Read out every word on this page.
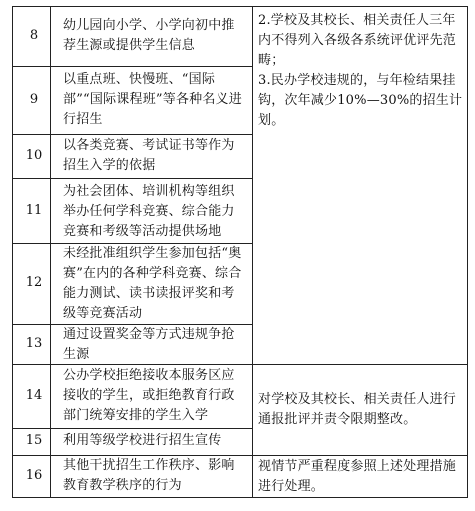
8
幼儿园向小学、小学向初中推荐生源或提供学生信息
9
以重点班、快慢班、“国际部”“国际课程班”等各种名义进行招生
10
以各类竞赛、考试证书等作为招生入学的依据
11
为社会团体、培训机构等组织举办任何学科竞赛、综合能力竞赛和考级等活动提供场地
12
未经批准组织学生参加包括“奥赛”在内的各种学科竞赛、综合能力测试、读书读报评奖和考级等竞赛活动
13
通过设置奖金等方式违规争抢生源
14
公办学校拒绝接收本服务区应接收的学生，或拒绝教育行政部门统筹安排的学生入学
15	利用等级学校进行招生宣传
16
其他干扰招生工作秩序、影响教育教学秩序的行为

2.学校及其校长、相关责任人三年内不得列入各级各系统评优评先范畴；

3.民办学校违规的，与年检结果挂钩，次年减少10%—30%的招生计划。

对学校及其校长、相关责任人进行通报批评并责令限期整改。
视情节严重程度参照上述处理措施进行处理。
